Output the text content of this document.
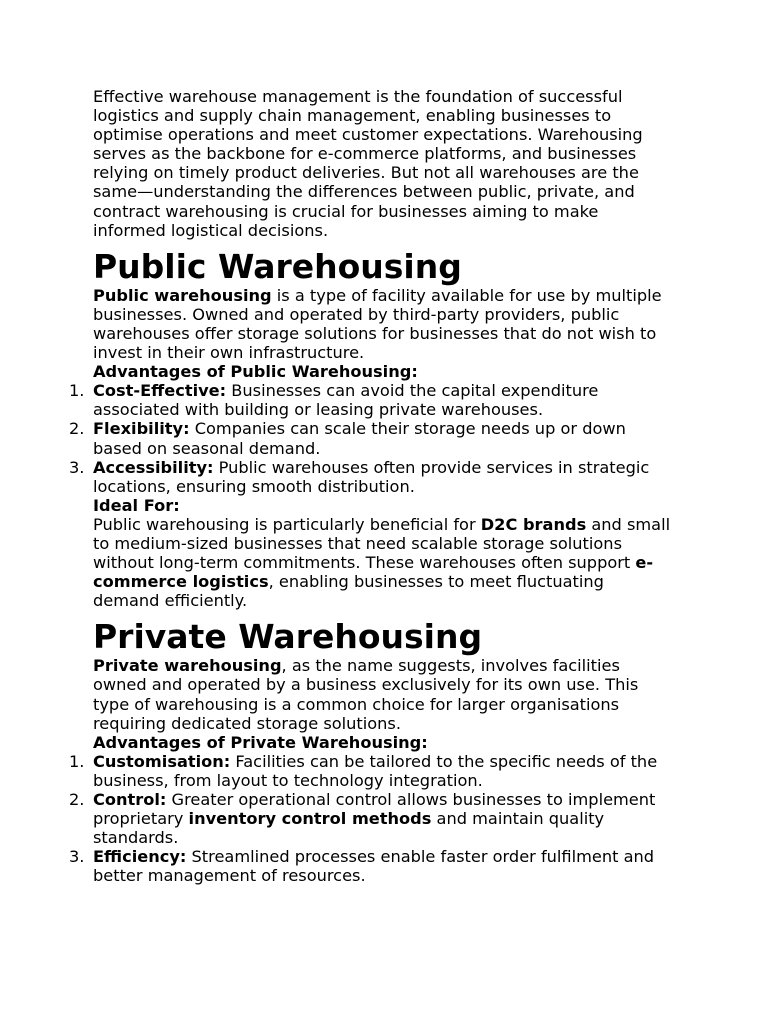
Effective warehouse management is the foundation of successful logistics and supply chain management, enabling businesses to optimise operations and meet customer expectations. Warehousing serves as the backbone for e-commerce platforms, and businesses relying on timely product deliveries. But not all warehouses are the same—understanding the differences between public, private, and contract warehousing is crucial for businesses aiming to make informed logistical decisions.

Public Warehousing

Public warehousing is a type of facility available for use by multiple businesses. Owned and operated by third-party providers, public warehouses offer storage solutions for businesses that do not wish to invest in their own infrastructure.

Advantages of Public Warehousing:

1. Cost-Effective: Businesses can avoid the capital expenditure associated with building or leasing private warehouses.
2. Flexibility: Companies can scale their storage needs up or down based on seasonal demand.
3. Accessibility: Public warehouses often provide services in strategic locations, ensuring smooth distribution.

Ideal For:

Public warehousing is particularly beneficial for D2C brands and small to medium-sized businesses that need scalable storage solutions without long-term commitments. These warehouses often support e-commerce logistics, enabling businesses to meet fluctuating demand efficiently.

Private Warehousing

Private warehousing, as the name suggests, involves facilities owned and operated by a business exclusively for its own use. This type of warehousing is a common choice for larger organisations requiring dedicated storage solutions.

Advantages of Private Warehousing:

1. Customisation: Facilities can be tailored to the specific needs of the business, from layout to technology integration.
2. Control: Greater operational control allows businesses to implement proprietary inventory control methods and maintain quality standards.
3. Efficiency: Streamlined processes enable faster order fulfilment and better management of resources.
